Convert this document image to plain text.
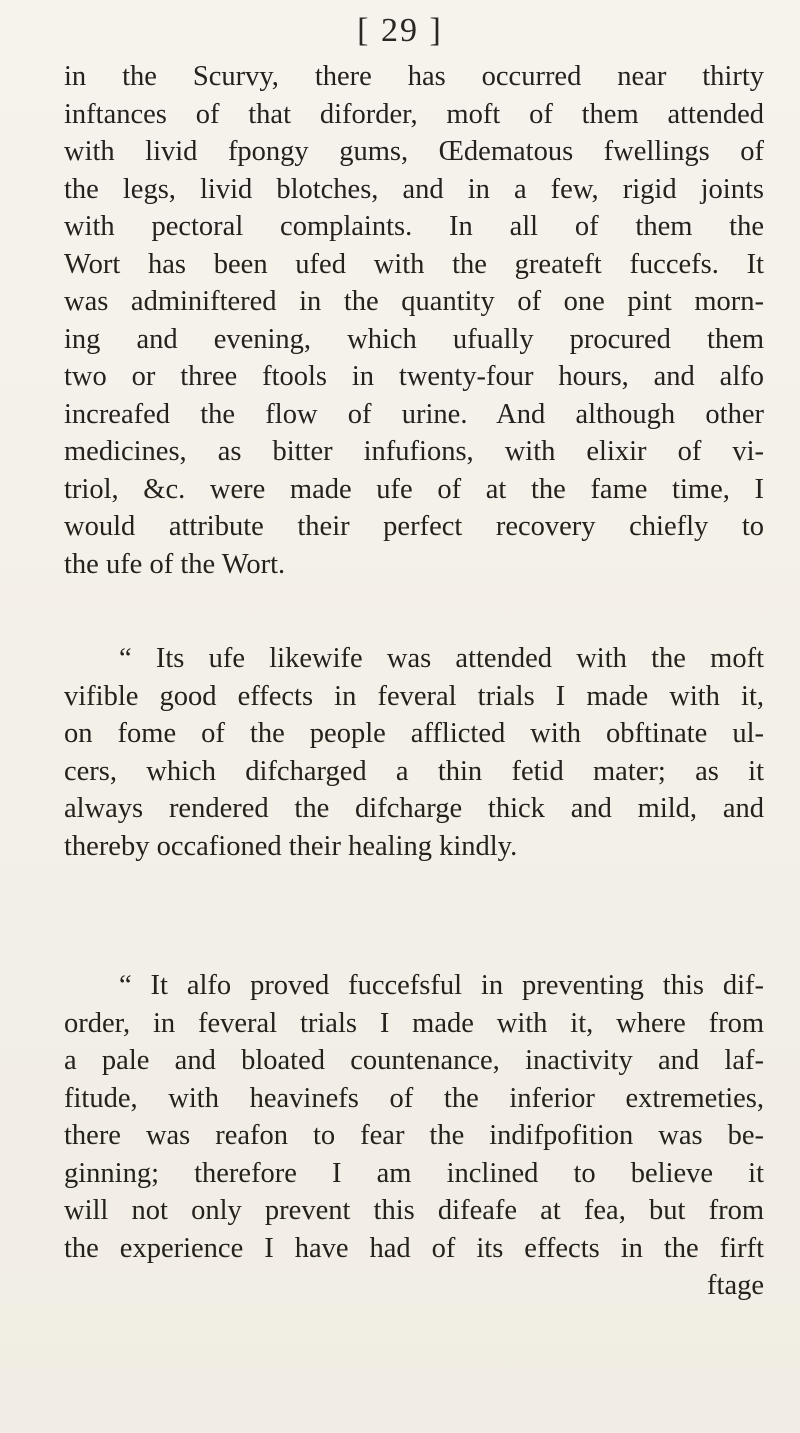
[ 29 ]
in the Scurvy, there has occurred near thirty
inftances of that diforder, moft of them attended
with livid fpongy gums, Œdematous fwellings of
the legs, livid blotches, and in a few, rigid joints
with pectoral complaints. In all of them the
Wort has been ufed with the greateft fuccefs. It
was adminiftered in the quantity of one pint morn-
ing and evening, which ufually procured them
two or three ftools in twenty-four hours, and alfo
increafed the flow of urine. And although other
medicines, as bitter infufions, with elixir of vi-
triol, &c. were made ufe of at the fame time, I
would attribute their perfect recovery chiefly to
the ufe of the Wort.
“ Its ufe likewife was attended with the moft
vifible good effects in feveral trials I made with it,
on fome of the people afflicted with obftinate ul-
cers, which difcharged a thin fetid mater; as it
always rendered the difcharge thick and mild, and
thereby occafioned their healing kindly.
“ It alfo proved fuccefsful in preventing this dif-
order, in feveral trials I made with it, where from
a pale and bloated countenance, inactivity and laf-
fitude, with heavinefs of the inferior extremeties,
there was reafon to fear the indifpofition was be-
ginning; therefore I am inclined to believe it
will not only prevent this difeafe at fea, but from
the experience I have had of its effects in the firft
ftage
